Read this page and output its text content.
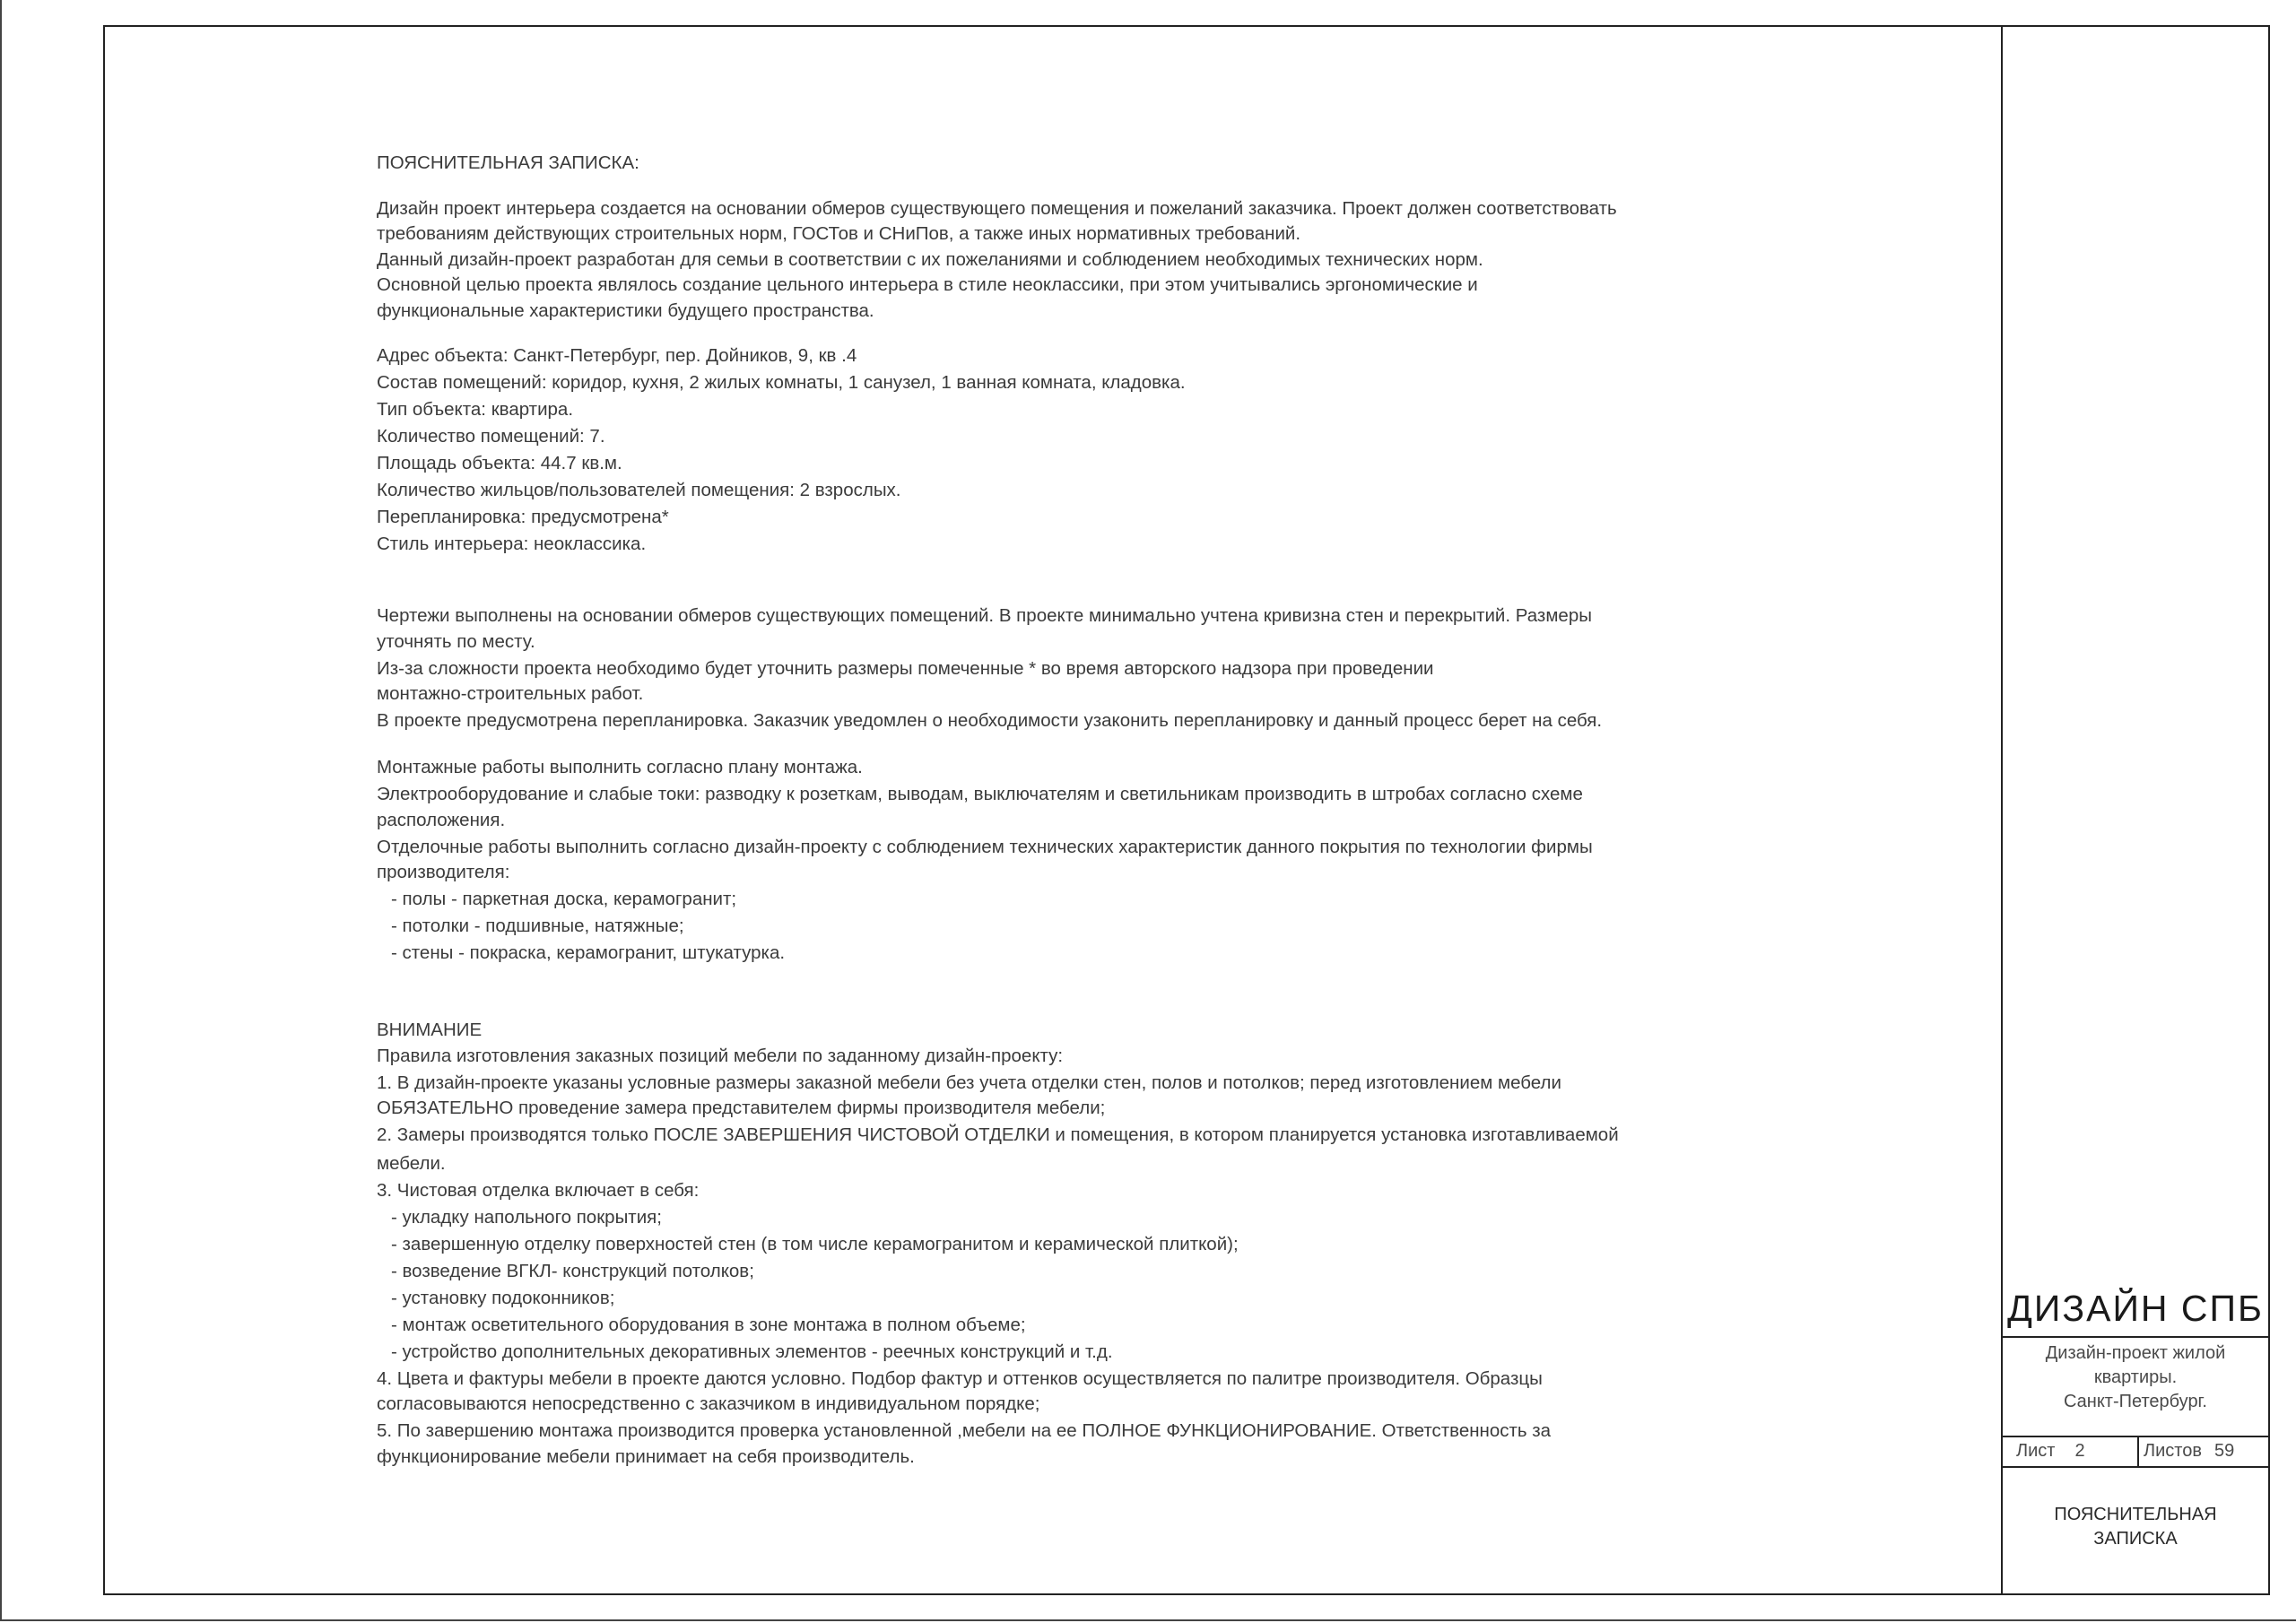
ПОЯСНИТЕЛЬНАЯ ЗАПИСКА:

Дизайн проект интерьера создается на основании обмеров существующего помещения и пожеланий заказчика. Проект должен соответствовать

требованиям действующих строительных норм, ГОСТов и СНиПов, а также иных нормативных требований.

Данный дизайн-проект разработан для семьи в соответствии с их пожеланиями и соблюдением необходимых технических норм.

Основной целью проекта являлось создание цельного интерьера в стиле неоклассики, при этом учитывались эргономические и

функциональные характеристики будущего пространства.

Адрес объекта: Санкт-Петербург, пер. Дойников, 9, кв .4

Состав помещений: коридор, кухня, 2 жилых комнаты, 1 санузел, 1 ванная комната, кладовка.

Тип объекта: квартира.

Количество помещений: 7.

Площадь объекта: 44.7 кв.м.

Количество жильцов/пользователей помещения: 2 взрослых.

Перепланировка: предусмотрена*

Стиль интерьера: неоклассика.

Чертежи выполнены на основании обмеров существующих помещений. В проекте минимально учтена кривизна стен и перекрытий. Размеры

уточнять по месту.

Из-за сложности проекта необходимо будет уточнить размеры помеченные * во время авторского надзора при проведении

монтажно-строительных работ.

В проекте предусмотрена перепланировка. Заказчик уведомлен о необходимости узаконить перепланировку и данный процесс берет на себя.

Монтажные работы выполнить согласно плану монтажа.

Электрооборудование и слабые токи: разводку к розеткам, выводам, выключателям и светильникам производить в штробах согласно схеме

расположения.

Отделочные работы выполнить согласно дизайн-проекту с соблюдением технических характеристик данного покрытия по технологии фирмы

производителя:

- полы - паркетная доска, керамогранит;

- потолки - подшивные, натяжные;

- стены - покраска, керамогранит, штукатурка.

ВНИМАНИЕ

Правила изготовления заказных позиций мебели по заданному дизайн-проекту:

1. В дизайн-проекте указаны условные размеры заказной мебели без учета отделки стен, полов и потолков; перед изготовлением мебели

ОБЯЗАТЕЛЬНО проведение замера представителем фирмы производителя мебели;

2. Замеры производятся только ПОСЛЕ ЗАВЕРШЕНИЯ ЧИСТОВОЙ ОТДЕЛКИ и помещения, в котором планируется установка изготавливаемой

мебели.

3. Чистовая отделка включает в себя:

- укладку напольного покрытия;

- завершенную отделку поверхностей стен (в том числе керамогранитом и керамической плиткой);

- возведение ВГКЛ- конструкций потолков;

- установку подоконников;

- монтаж осветительного оборудования в зоне монтажа в полном объеме;

- устройство дополнительных декоративных элементов - реечных конструкций и т.д.

4. Цвета и фактуры мебели в проекте даются условно. Подбор фактур и оттенков осуществляется по палитре производителя. Образцы

согласовываются непосредственно с заказчиком в индивидуальном порядке;

5. По завершению монтажа производится проверка установленной ,мебели на ее ПОЛНОЕ ФУНКЦИОНИРОВАНИЕ. Ответственность за

функционирование мебели принимает на себя производитель.

ДИЗАЙН СПБ
Дизайн-проект жилой
квартиры.
Санкт-Петербург.
Лист 2	Листов 59
ПОЯСНИТЕЛЬНАЯ
ЗАПИСКА
